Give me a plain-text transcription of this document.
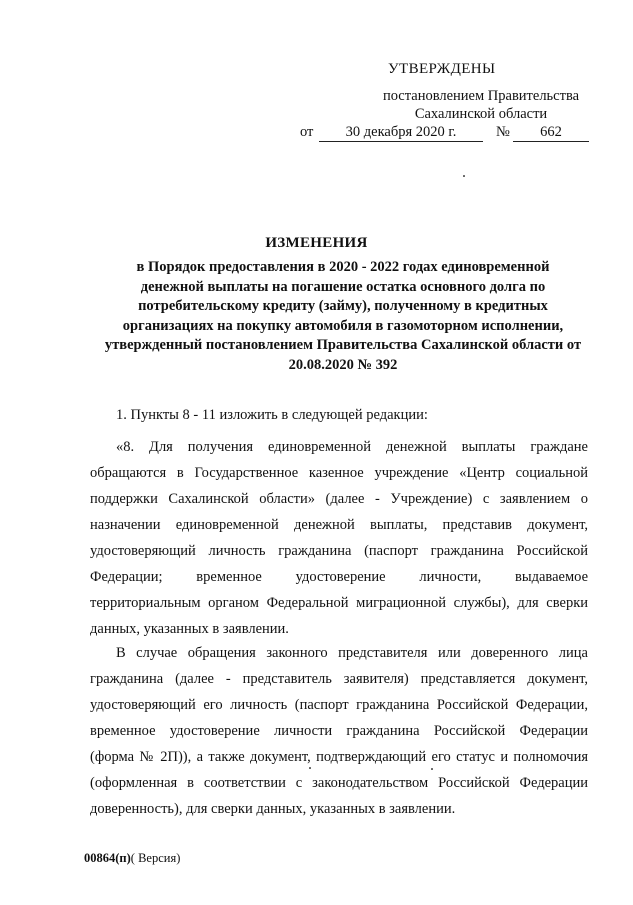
УТВЕРЖДЕНЫ
постановлением Правительства
Сахалинской области
от	30 декабря 2020 г.	№	662
ИЗМЕНЕНИЯ
в Порядок предоставления в 2020 - 2022 годах единовременной
денежной выплаты на погашение остатка основного долга по
потребительскому кредиту (займу), полученному в кредитных
организациях на покупку автомобиля в газомоторном исполнении,
утвержденный постановлением Правительства Сахалинской области от
20.08.2020 № 392
1. Пункты 8 - 11 изложить в следующей редакции:
«8. Для получения единовременной денежной выплаты граждане
обращаются в Государственное казенное учреждение «Центр социальной
поддержки Сахалинской области» (далее - Учреждение) с заявлением о
назначении единовременной денежной выплаты, представив документ,
удостоверяющий личность гражданина (паспорт гражданина Российской
Федерации; временное удостоверение личности, выдаваемое
территориальным органом Федеральной миграционной службы), для сверки
данных, указанных в заявлении.
В случае обращения законного представителя или доверенного лица
гражданина (далее - представитель заявителя) представляется документ,
удостоверяющий его личность (паспорт гражданина Российской Федерации,
временное удостоверение личности гражданина Российской Федерации
(форма № 2П)), а также документ, подтверждающий его статус и полномочия
(оформленная в соответствии с законодательством Российской Федерации
доверенность), для сверки данных, указанных в заявлении.
00864(п)( Версия)
